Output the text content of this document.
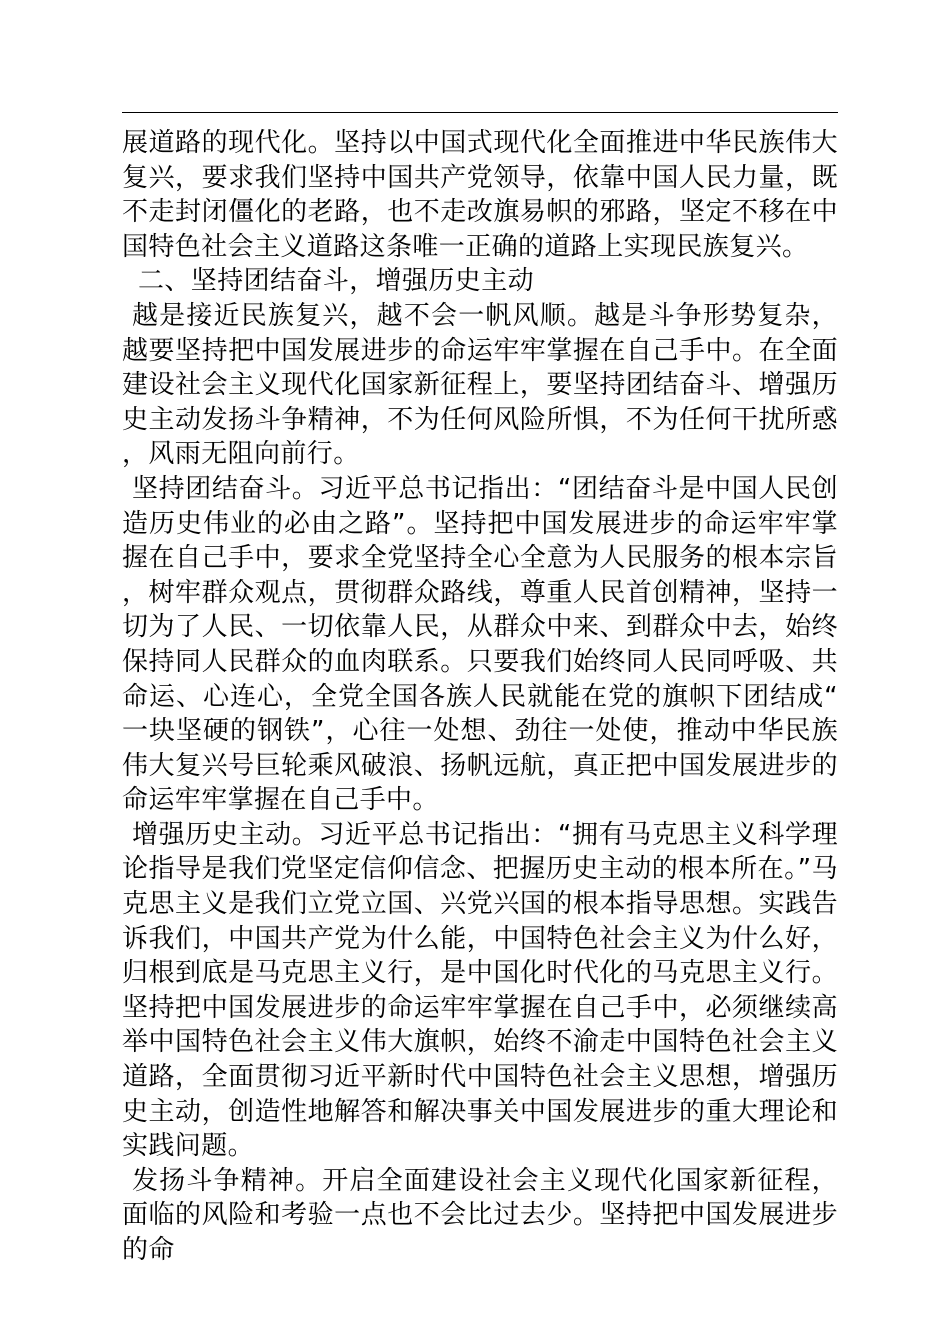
展道路的现代化。坚持以中国式现代化全面推进中华民族伟大复兴，要求我们坚持中国共产党领导，依靠中国人民力量，既不走封闭僵化的老路，也不走改旗易帜的邪路，坚定不移在中国特色社会主义道路这条唯一正确的道路上实现民族复兴。

二、坚持团结奋斗，增强历史主动

越是接近民族复兴，越不会一帆风顺。越是斗争形势复杂，越要坚持把中国发展进步的命运牢牢掌握在自己手中。在全面建设社会主义现代化国家新征程上，要坚持团结奋斗、增强历史主动发扬斗争精神，不为任何风险所惧，不为任何干扰所惑，风雨无阻向前行。

坚持团结奋斗。习近平总书记指出：“团结奋斗是中国人民创造历史伟业的必由之路”。坚持把中国发展进步的命运牢牢掌握在自己手中，要求全党坚持全心全意为人民服务的根本宗旨，树牢群众观点，贯彻群众路线，尊重人民首创精神，坚持一切为了人民、一切依靠人民，从群众中来、到群众中去，始终保持同人民群众的血肉联系。只要我们始终同人民同呼吸、共命运、心连心，全党全国各族人民就能在党的旗帜下团结成“一块坚硬的钢铁”，心往一处想、劲往一处使，推动中华民族伟大复兴号巨轮乘风破浪、扬帆远航，真正把中国发展进步的命运牢牢掌握在自己手中。

增强历史主动。习近平总书记指出：“拥有马克思主义科学理论指导是我们党坚定信仰信念、把握历史主动的根本所在。”马克思主义是我们立党立国、兴党兴国的根本指导思想。实践告诉我们，中国共产党为什么能，中国特色社会主义为什么好，归根到底是马克思主义行，是中国化时代化的马克思主义行。坚持把中国发展进步的命运牢牢掌握在自己手中，必须继续高举中国特色社会主义伟大旗帜，始终不渝走中国特色社会主义道路，全面贯彻习近平新时代中国特色社会主义思想，增强历史主动，创造性地解答和解决事关中国发展进步的重大理论和实践问题。

发扬斗争精神。开启全面建设社会主义现代化国家新征程，面临的风险和考验一点也不会比过去少。坚持把中国发展进步的命
